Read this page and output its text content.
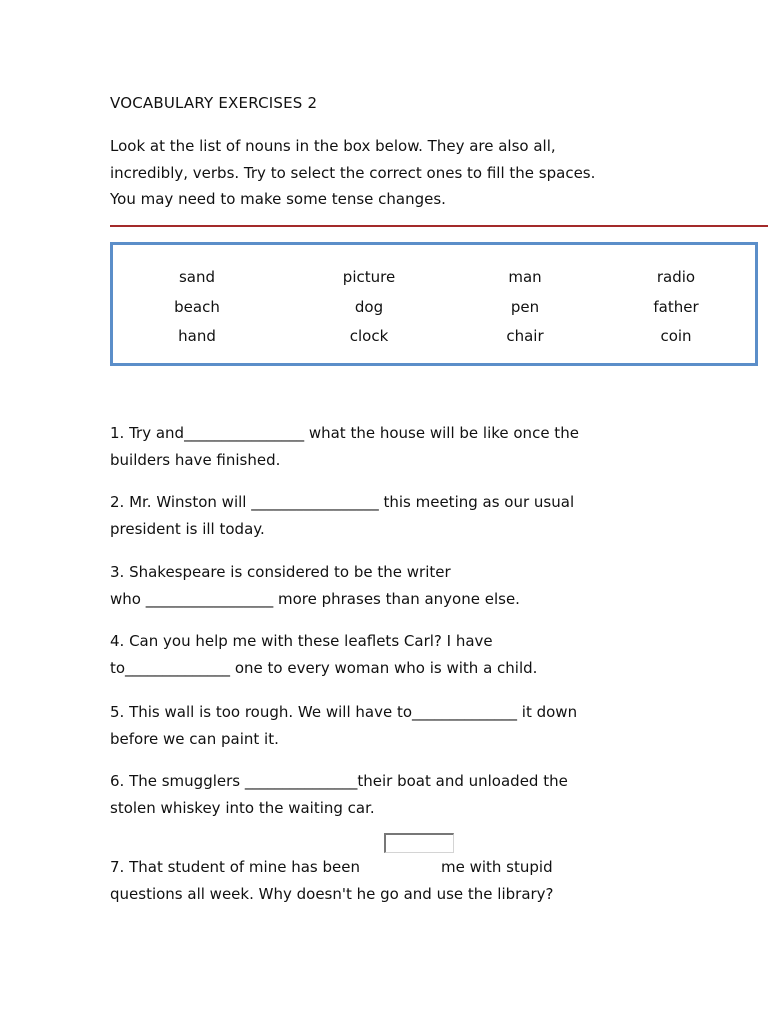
VOCABULARY EXERCISES 2
Look at the list of nouns in the box below. They are also all,
incredibly, verbs. Try to select the correct ones to fill the spaces.
You may need to make some tense changes.
sand	picture	man	radio
beach	dog	pen	father
hand	clock	chair	coin
1. Try and________________ what the house will be like once the
builders have finished.
2. Mr. Winston will _________________ this meeting as our usual
president is ill today.
3. Shakespeare is considered to be the writer
who _________________ more phrases than anyone else.
4. Can you help me with these leaflets Carl? I have
to______________ one to every woman who is with a child.
5. This wall is too rough. We will have to______________ it down
before we can paint it.
6. The smugglers _______________their boat and unloaded the
stolen whiskey into the waiting car.
7. That student of mine has been	me with stupid
questions all week. Why doesn't he go and use the library?
